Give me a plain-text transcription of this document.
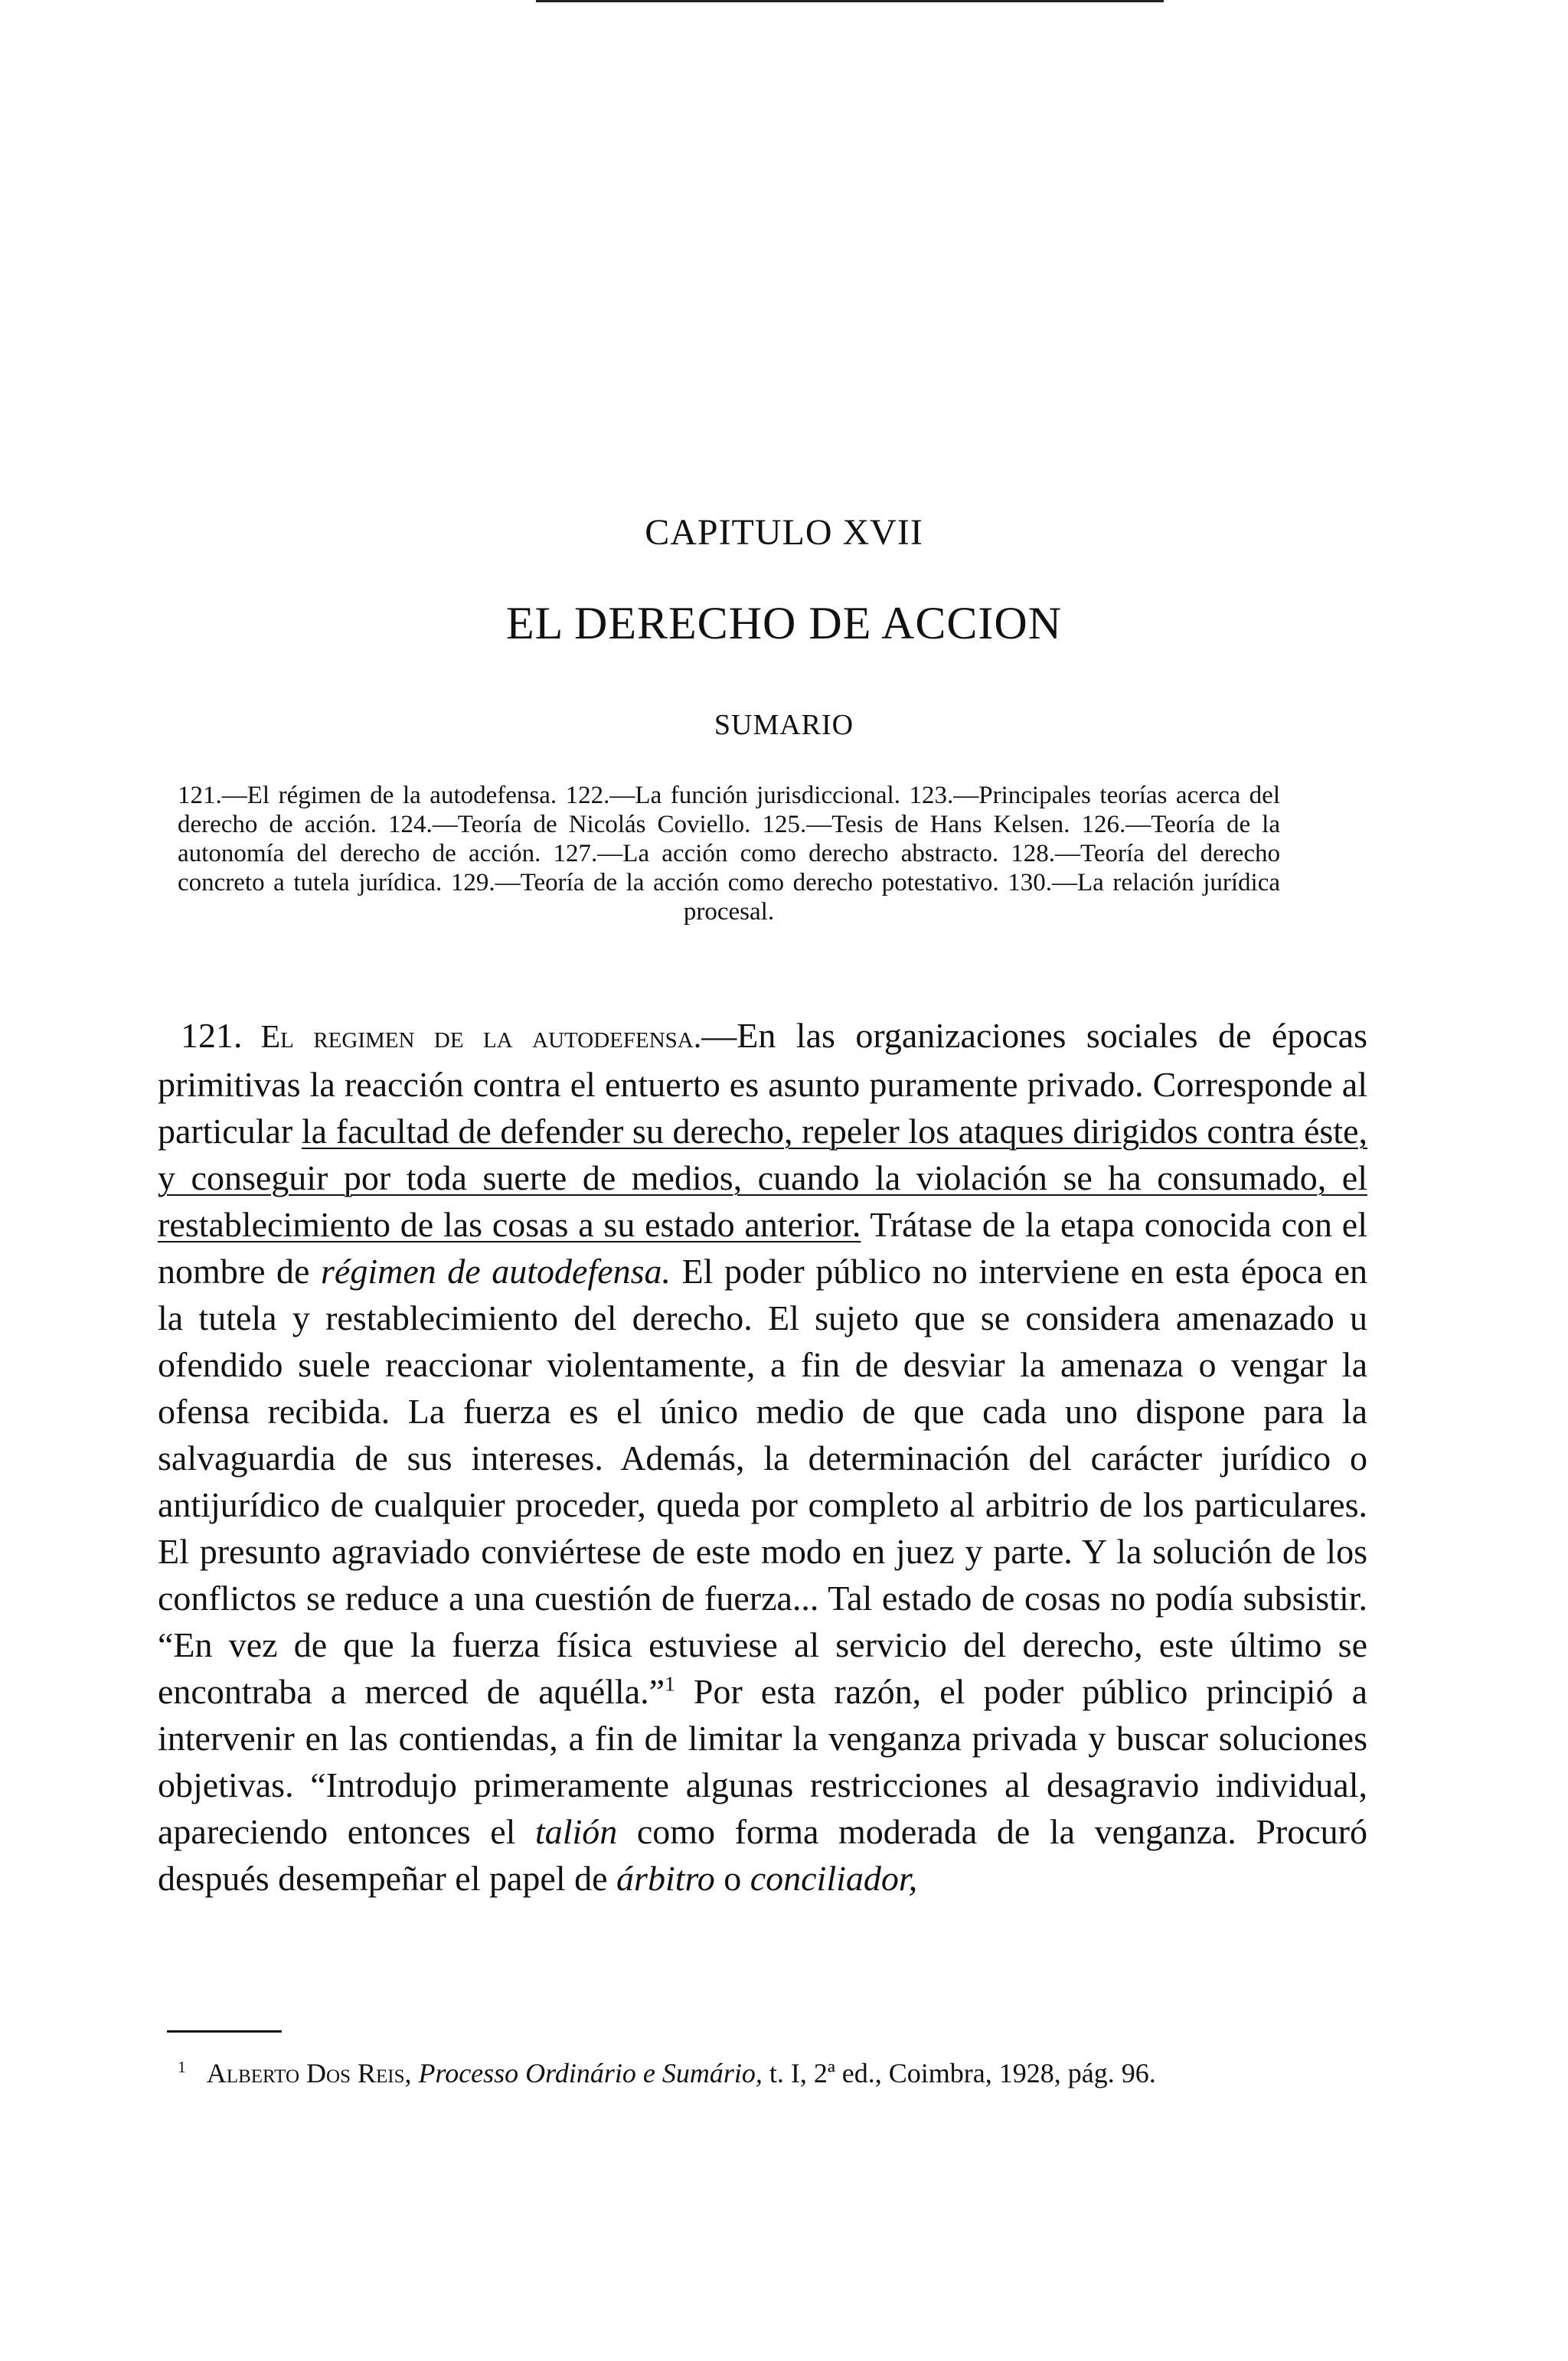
CAPITULO XVII
EL DERECHO DE ACCION
SUMARIO
121.—El régimen de la autodefensa. 122.—La función jurisdiccional. 123.—Principales teorías acerca del derecho de acción. 124.—Teoría de Nicolás Coviello. 125.—Tesis de Hans Kelsen. 126.—Teoría de la autonomía del derecho de acción. 127.—La acción como derecho abstracto. 128.—Teoría del derecho concreto a tutela jurídica. 129.—Teoría de la acción como derecho potestativo. 130.—La relación jurídica procesal.
121. El regimen de la autodefensa.—En las organizaciones sociales de épocas primitivas la reacción contra el entuerto es asunto puramente privado. Corresponde al particular la facultad de defender su derecho, repeler los ataques dirigidos contra éste, y conseguir por toda suerte de medios, cuando la violación se ha consumado, el restablecimiento de las cosas a su estado anterior. Trátase de la etapa conocida con el nombre de régimen de autodefensa. El poder público no interviene en esta época en la tutela y restablecimiento del derecho. El sujeto que se considera amenazado u ofendido suele reaccionar violentamente, a fin de desviar la amenaza o vengar la ofensa recibida. La fuerza es el único medio de que cada uno dispone para la salvaguardia de sus intereses. Además, la determinación del carácter jurídico o antijurídico de cualquier proceder, queda por completo al arbitrio de los particulares. El presunto agraviado conviértese de este modo en juez y parte. Y la solución de los conflictos se reduce a una cuestión de fuerza... Tal estado de cosas no podía subsistir. “En vez de que la fuerza física estuviese al servicio del derecho, este último se encontraba a merced de aquélla.”$^1$ Por esta razón, el poder público principió a intervenir en las contiendas, a fin de limitar la venganza privada y buscar soluciones objetivas. “Introdujo primeramente algunas restricciones al desagravio individual, apareciendo entonces el talión como forma moderada de la venganza. Procuró después desempeñar el papel de árbitro o conciliador,
$^1$ Alberto Dos Reis, Processo Ordinário e Sumário, t. I, 2ª ed., Coimbra, 1928, pág. 96.
